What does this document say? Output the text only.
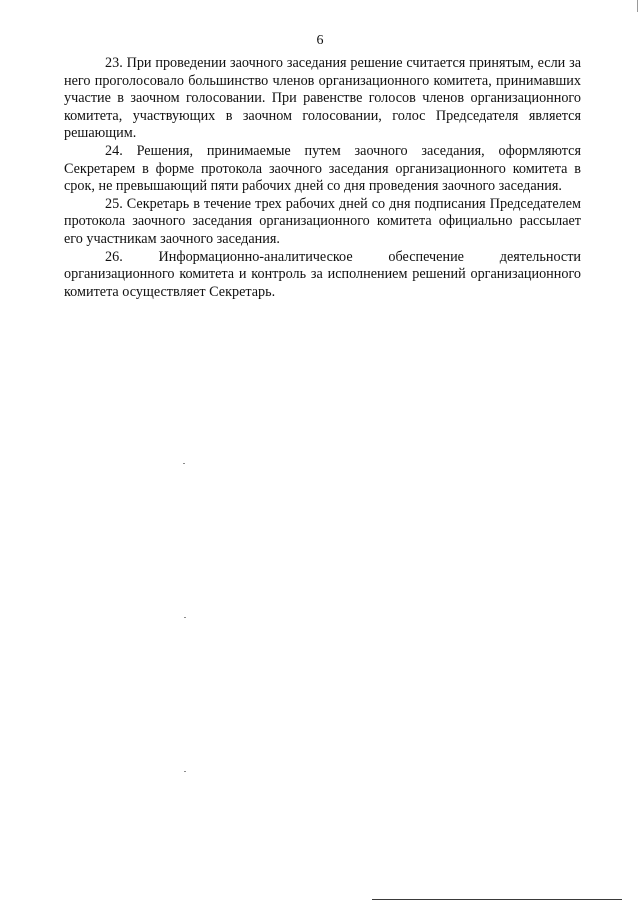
6

23. При проведении заочного заседания решение считается принятым, если за него проголосовало большинство членов организационного комитета, принимавших участие в заочном голосовании. При равенстве голосов членов организационного комитета, участвующих в заочном голосовании, голос Председателя является решающим.

24. Решения, принимаемые путем заочного заседания, оформляются Секретарем в форме протокола заочного заседания организационного комитета в срок, не превышающий пяти рабочих дней со дня проведения заочного заседания.

25. Секретарь в течение трех рабочих дней со дня подписания Председателем протокола заочного заседания организационного комитета официально рассылает его участникам заочного заседания.

26. Информационно-аналитическое обеспечение деятельности организационного комитета и контроль за исполнением решений организационного комитета осуществляет Секретарь.
